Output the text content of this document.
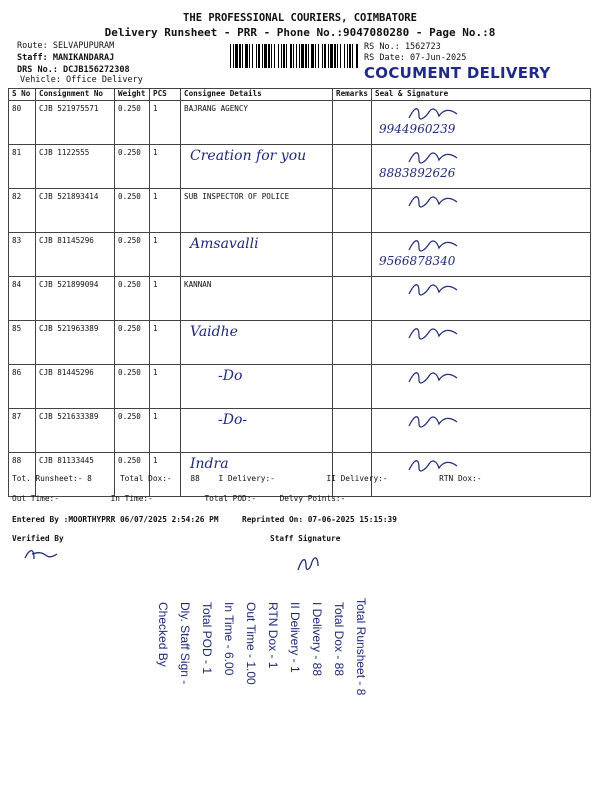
THE PROFESSIONAL COURIERS, COIMBATORE
Delivery Runsheet - PRR - Phone No.:9047080280 - Page No.:8
Route: SELVAPUPURAM
Staff: MANIKANDARAJ
DRS No.: DCJB156272308
Vehicle: Office Delivery
RS No.: 1562723
RS Date: 07-Jun-2025
COCUMENT DELIVERY
S No	Consignment No	Weight	PCS	Consignee Details	Remarks	Seal & Signature
80	CJB 521975571	0.250	1	BAJRANG AGENCY		9944960239

81	CJB 1122555	0.250	1	Creation for you		8883892626

82	CJB 521893414	0.250	1	SUB INSPECTOR OF POLICE

83	CJB 81145296	0.250	1	Amsavalli		9566878340

84	CJB 521899094	0.250	1	KANNAN

85	CJB 521963389	0.250	1	Vaidhe

86	CJB 81445296	0.250	1	-Do

87	CJB 521633389	0.250	1	-Do-

88	CJB 81133445	0.250	1	Indra

Tot. Runsheet:- 8      Total Dox:-    88    I Delivery:-           II Delivery:-           RTN Dox:-
Out Time:-           In Time:-           Total POD:-     Delvy Points:-
Entered By :MOORTHYPRR 06/07/2025 2:54:26 PM     Reprinted On: 07-06-2025 15:15:39
Verified By	Staff Signature
Total Runsheet - 8
Total Dox - 88
I Delivery - 88
II Delivery - 1
RTN Dox - 1
Out Time - 1.00
In Time - 6.00
Total POD - 1
Dly. Staff Sign -
Checked By
